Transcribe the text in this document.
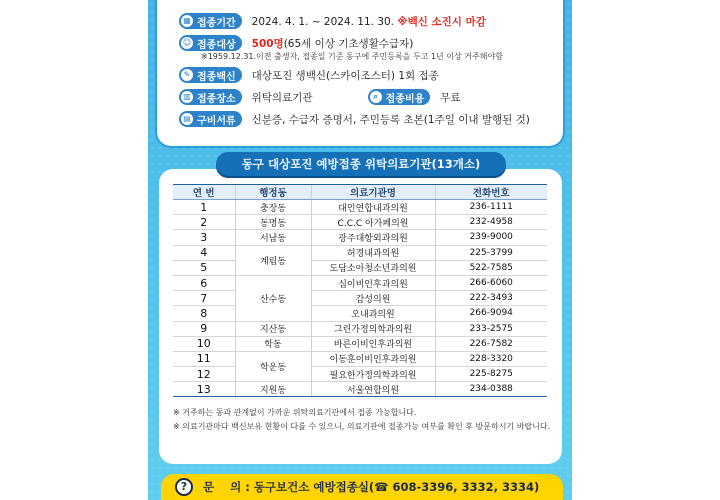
▦ 접종기간 2024. 4. 1. ~ 2024. 11. 30. ※백신 소진시 마감
☺ 접종대상 500명(65세 이상 기초생활수급자)
※1959.12.31.이전 출생자, 접종일 기준 동구에 주민등록을 두고 1년 이상 거주해야함
✎ 접종백신 대상포진 생백신(스카이조스터) 1회 접종
▥ 접종장소 위탁의료기관	⌕ 접종비용 무료
▤ 구비서류 신분증, 수급자 증명서, 주민등록 초본(1주일 이내 발행된 것)
연 번	행정동	의료기관명	전화번호
1	충장동	대인연합내과의원	236-1111
2	동명동	C.C.C 아가페의원	232-4958
3	서남동	광주대항외과의원	239-9000
4	계림동	허경내과의원	225-3799
5		도담소아청소년과의원	522-7585
6	산수동	심이비인후과의원	266-6060
7		감성의원	222-3493
8		오내과의원	266-9094
9	지산동	그린가정의학과의원	233-2575
10	학동	바른이비인후과의원	226-7582
11	학운동	이동훈이비인후과의원	228-3320
12		필요한가정의학과의원	225-8275
13	지원동	서울연합의원	234-0388
※ 거주하는 동과 관계없이 가까운 위탁의료기관에서 접종 가능합니다.
※ 의료기관마다 백신보유 현황이 다를 수 있으니, 의료기관에 접종가능 여부를 확인 후 방문하시기 바랍니다.
동구 대상포진 예방접종 위탁의료기관(13개소)
?	문    의 : 동구보건소 예방접종실(☎ 608-3396, 3332, 3334)
